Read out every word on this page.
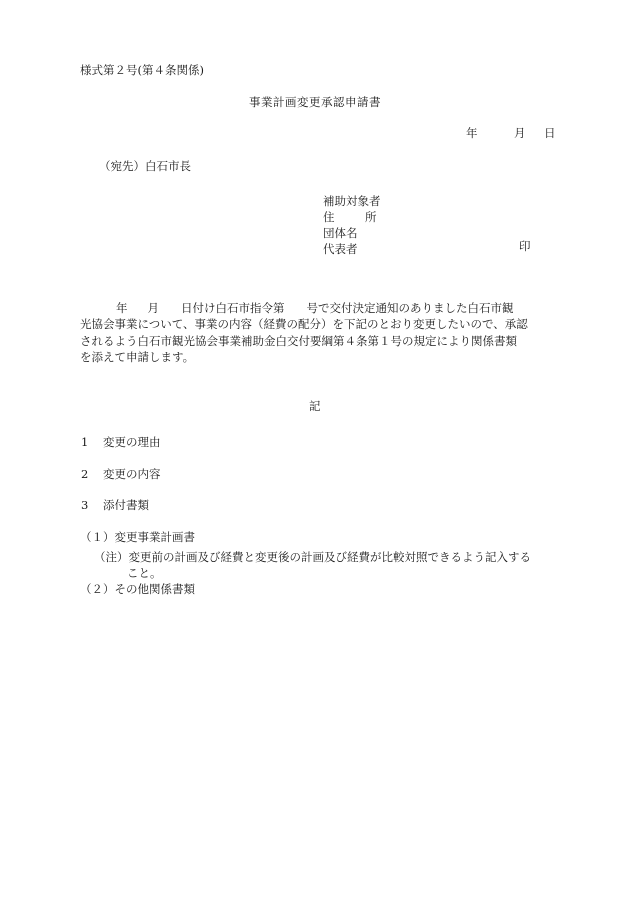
様式第２号(第４条関係)
事業計画変更承認申請書
年	月 日
（宛先）白石市長
補助対象者
住	所
団体名
代表者	印
年 月 日付け白石市指令第 号で交付決定通知のありました白石市観
光協会事業について、事業の内容（経費の配分）を下記のとおり変更したいので、承認
されるよう白石市観光協会事業補助金白交付要綱第４条第１号の規定により関係書類
を添えて申請します。
記
1 変更の理由
2 変更の内容
3 添付書類
（１）変更事業計画書
（注）変更前の計画及び経費と変更後の計画及び経費が比較対照できるよう記入する
こと。
（２）その他関係書類
